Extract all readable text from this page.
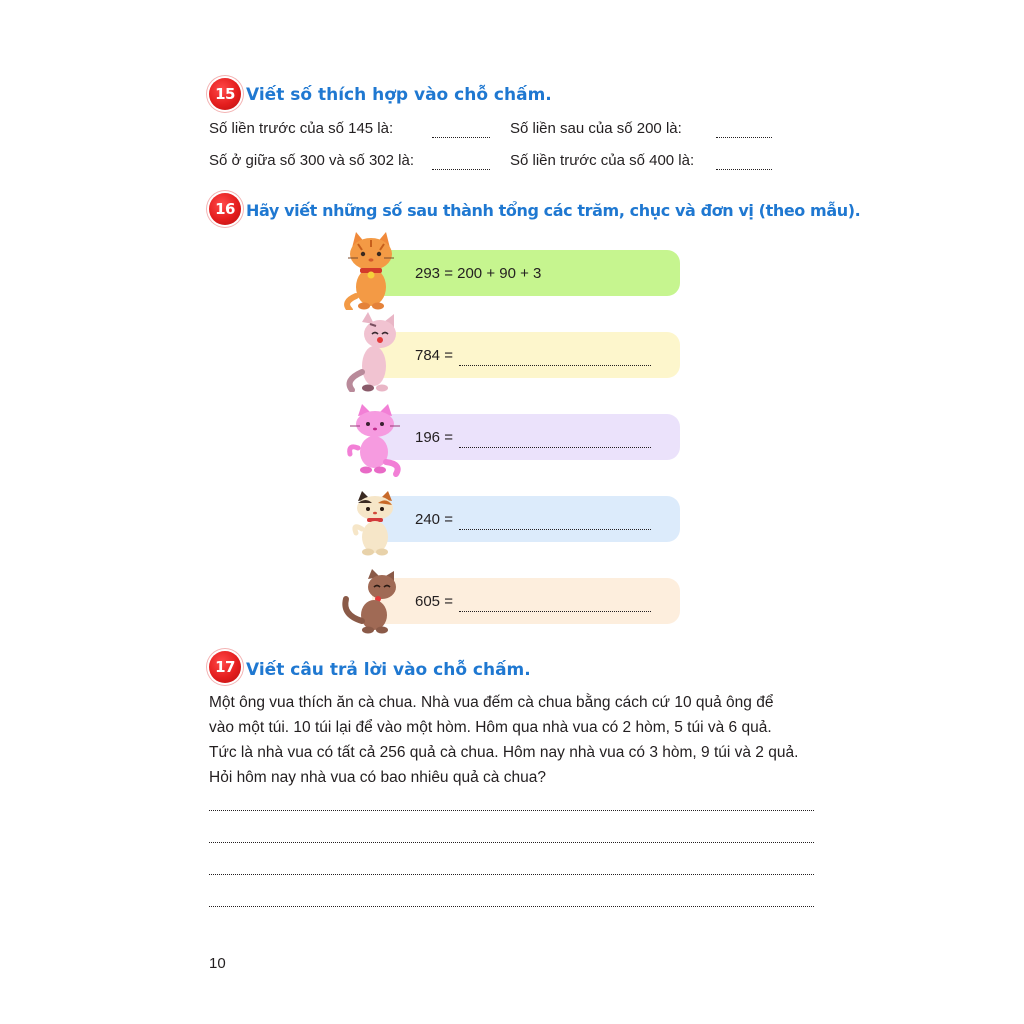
15 Viết số thích hợp vào chỗ chấm.
Số liền trước của số 145 là:	Số liền sau của số 200 là:
Số ở giữa số 300 và số 302 là:	Số liền trước của số 400 là:
16 Hãy viết những số sau thành tổng các trăm, chục và đơn vị (theo mẫu).
293 = 200 + 90 + 3
784 =
196 =
240 =
605 =
17 Viết câu trả lời vào chỗ chấm.
Một ông vua thích ăn cà chua. Nhà vua đếm cà chua bằng cách cứ 10 quả ông để
vào một túi. 10 túi lại để vào một hòm. Hôm qua nhà vua có 2 hòm, 5 túi và 6 quả.
Tức là nhà vua có tất cả 256 quả cà chua. Hôm nay nhà vua có 3 hòm, 9 túi và 2 quả.
Hỏi hôm nay nhà vua có bao nhiêu quả cà chua?
10
